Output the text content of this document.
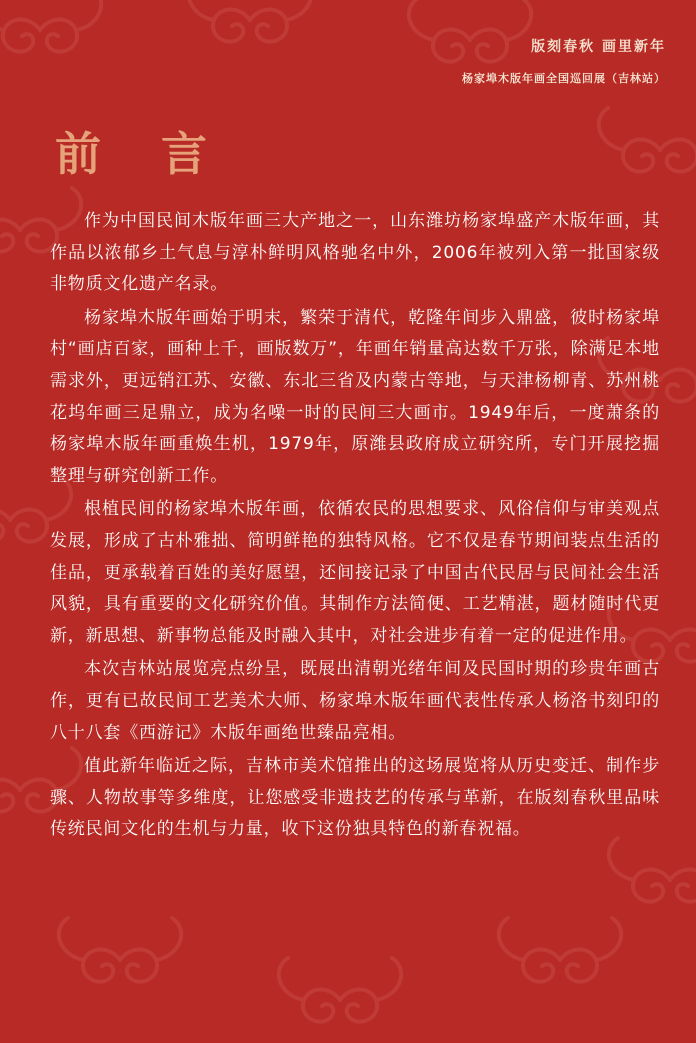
版刻春秋 画里新年
杨家埠木版年画全国巡回展（吉林站）
前 言

作为中国民间木版年画三大产地之一，山东潍坊杨家埠盛产木版年画，其作品以浓郁乡土气息与淳朴鲜明风格驰名中外，2006年被列入第一批国家级非物质文化遗产名录。

杨家埠木版年画始于明末，繁荣于清代，乾隆年间步入鼎盛，彼时杨家埠村“画店百家，画种上千，画版数万”，年画年销量高达数千万张，除满足本地需求外，更远销江苏、安徽、东北三省及内蒙古等地，与天津杨柳青、苏州桃花坞年画三足鼎立，成为名噪一时的民间三大画市。1949年后，一度萧条的杨家埠木版年画重焕生机，1979年，原潍县政府成立研究所，专门开展挖掘整理与研究创新工作。

根植民间的杨家埠木版年画，依循农民的思想要求、风俗信仰与审美观点发展，形成了古朴雅拙、简明鲜艳的独特风格。它不仅是春节期间装点生活的佳品，更承载着百姓的美好愿望，还间接记录了中国古代民居与民间社会生活风貌，具有重要的文化研究价值。其制作方法简便、工艺精湛，题材随时代更新，新思想、新事物总能及时融入其中，对社会进步有着一定的促进作用。

本次吉林站展览亮点纷呈，既展出清朝光绪年间及民国时期的珍贵年画古作，更有已故民间工艺美术大师、杨家埠木版年画代表性传承人杨洛书刻印的八十八套《西游记》木版年画绝世臻品亮相。

值此新年临近之际，吉林市美术馆推出的这场展览将从历史变迁、制作步骤、人物故事等多维度，让您感受非遗技艺的传承与革新，在版刻春秋里品味传统民间文化的生机与力量，收下这份独具特色的新春祝福。
